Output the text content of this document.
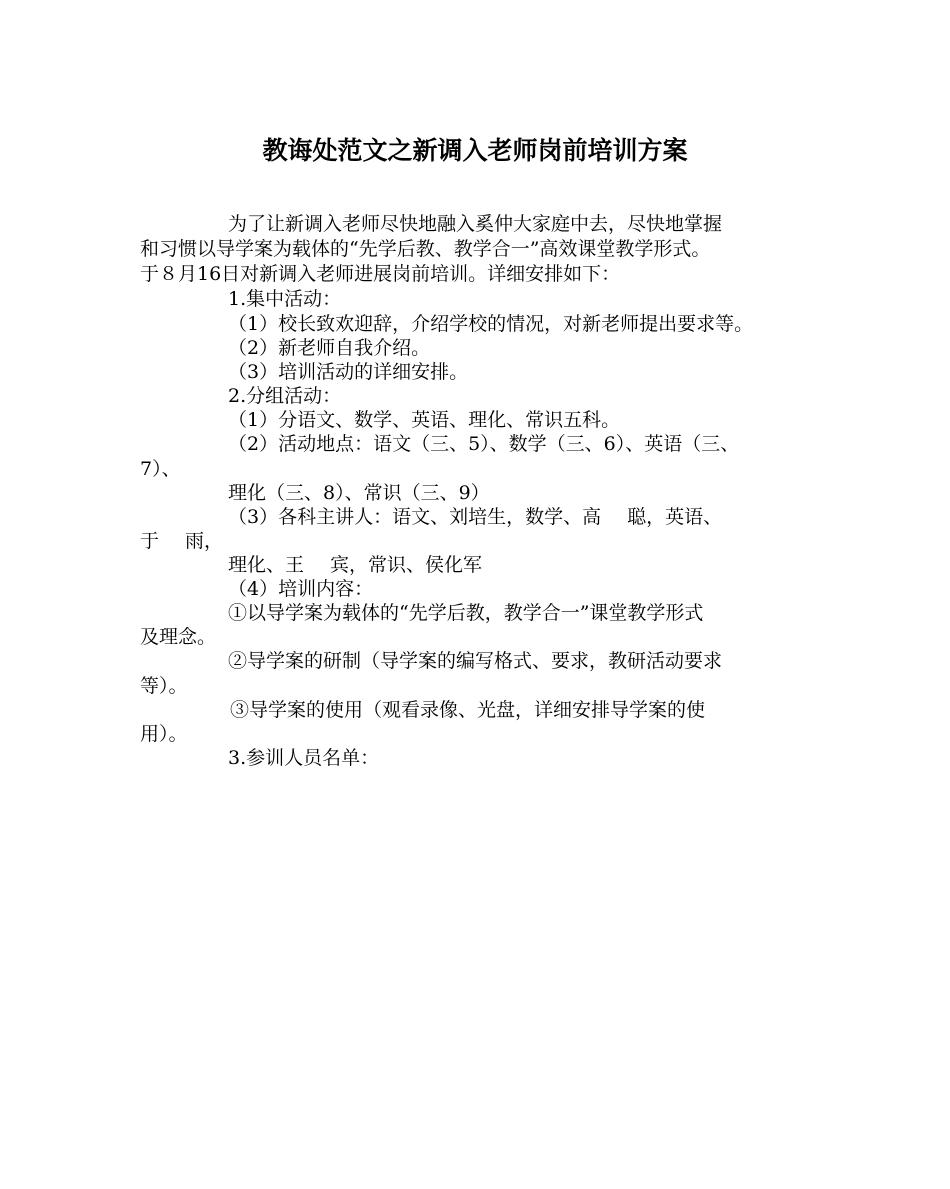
教诲处范文之新调入老师岗前培训方案
为了让新调入老师尽快地融入奚仲大家庭中去，尽快地掌握
和习惯以导学案为载体的“先学后教、教学合一”高效课堂教学形式。
于８月16日对新调入老师进展岗前培训。详细安排如下：
1.集中活动：
（1）校长致欢迎辞，介绍学校的情况，对新老师提出要求等。
（2）新老师自我介绍。
（3）培训活动的详细安排。
2.分组活动：
（1）分语文、数学、英语、理化、常识五科。
（2）活动地点：语文（三、5）、数学（三、6）、英语（三、
7）、
理化（三、8）、常识（三、9）
（3）各科主讲人：语文、刘培生，数学、高 聪，英语、
于 雨，
理化、王 宾，常识、侯化军
（4）培训内容：
①以导学案为载体的“先学后教，教学合一”课堂教学形式
及理念。
②导学案的研制（导学案的编写格式、要求，教研活动要求
等）。
③导学案的使用（观看录像、光盘，详细安排导学案的使
用）。
3.参训人员名单：
